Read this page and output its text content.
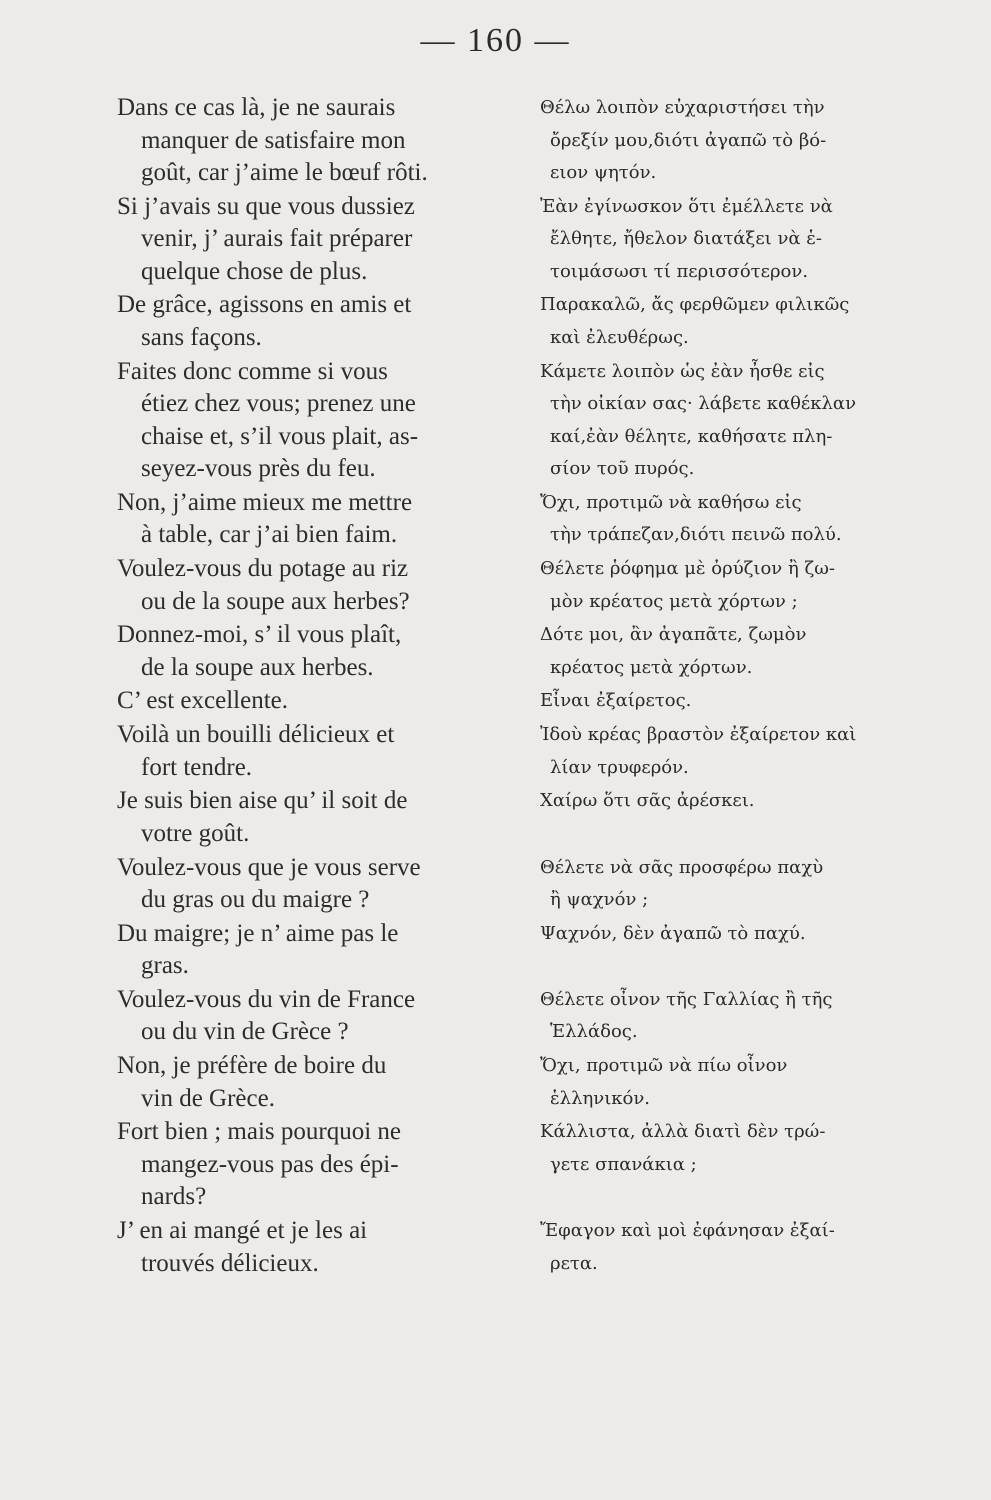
— 160 —
Dans ce cas là, je ne saurais
manquer de satisfaire mon
goût, car j’aime le bœuf rôti.
Θέλω λοιπὸν εὐχαριστήσει τὴν
ὄρεξίν μου,διότι ἀγαπῶ τὸ βό-
ειον ψητόν.
Si j’avais su que vous dussiez
venir, j’ aurais fait préparer
quelque chose de plus.
Ἐὰν ἐγίνωσκον ὅτι ἐμέλλετε νὰ
ἔλθητε, ἤθελον διατάξει νὰ ἑ-
τοιμάσωσι τί περισσότερον.
De grâce, agissons en amis et
sans façons.
Παρακαλῶ, ἄς φερθῶμεν φιλικῶς
καὶ ἐλευθέρως.
Faites donc comme si vous
étiez chez vous; prenez une
chaise et, s’il vous plait, as-
seyez-vous près du feu.
Κάμετε λοιπὸν ὡς ἐὰν ἦσθε εἰς
τὴν οἰκίαν σας· λάβετε καθέκλαν
καί,ἐὰν θέλητε, καθήσατε πλη-
σίον τοῦ πυρός.
Non, j’aime mieux me mettre
à table, car j’ai bien faim.
Ὄχι, προτιμῶ νὰ καθήσω εἰς
τὴν τράπεζαν,διότι πεινῶ πολύ.
Voulez-vous du potage au riz
ou de la soupe aux herbes?
Θέλετε ῥόφημα μὲ ὀρύζιον ἢ ζω-
μὸν κρέατος μετὰ χόρτων ;
Donnez-moi, s’ il vous plaît,
de la soupe aux herbes.
Δότε μοι, ἂν ἀγαπᾶτε, ζωμὸν
κρέατος μετὰ χόρτων.
C’ est excellente.	Εἶναι ἐξαίρετος.
Voilà un bouilli délicieux et
fort tendre.
Ἰδοὺ κρέας βραστὸν ἐξαίρετον καὶ
λίαν τρυφερόν.
Je suis bien aise qu’ il soit de
votre goût.
Χαίρω ὅτι σᾶς ἀρέσκει.
Voulez-vous que je vous serve
du gras ou du maigre ?
Θέλετε νὰ σᾶς προσφέρω παχὺ
ἢ ψαχνόν ;
Du maigre; je n’ aime pas le
gras.
Ψαχνόν, δὲν ἀγαπῶ τὸ παχύ.
Voulez-vous du vin de France
ou du vin de Grèce ?
Θέλετε οἶνον τῆς Γαλλίας ἢ τῆς
Ἑλλάδος.
Non, je préfère de boire du
vin de Grèce.
Ὄχι, προτιμῶ νὰ πίω οἶνον
ἑλληνικόν.
Fort bien ; mais pourquoi ne
mangez-vous pas des épi-
nards?
Κάλλιστα, ἀλλὰ διατὶ δὲν τρώ-
γετε σπανάκια ;
J’ en ai mangé et je les ai
trouvés délicieux.
Ἔφαγον καὶ μοὶ ἐφάνησαν ἐξαί-
ρετα.
